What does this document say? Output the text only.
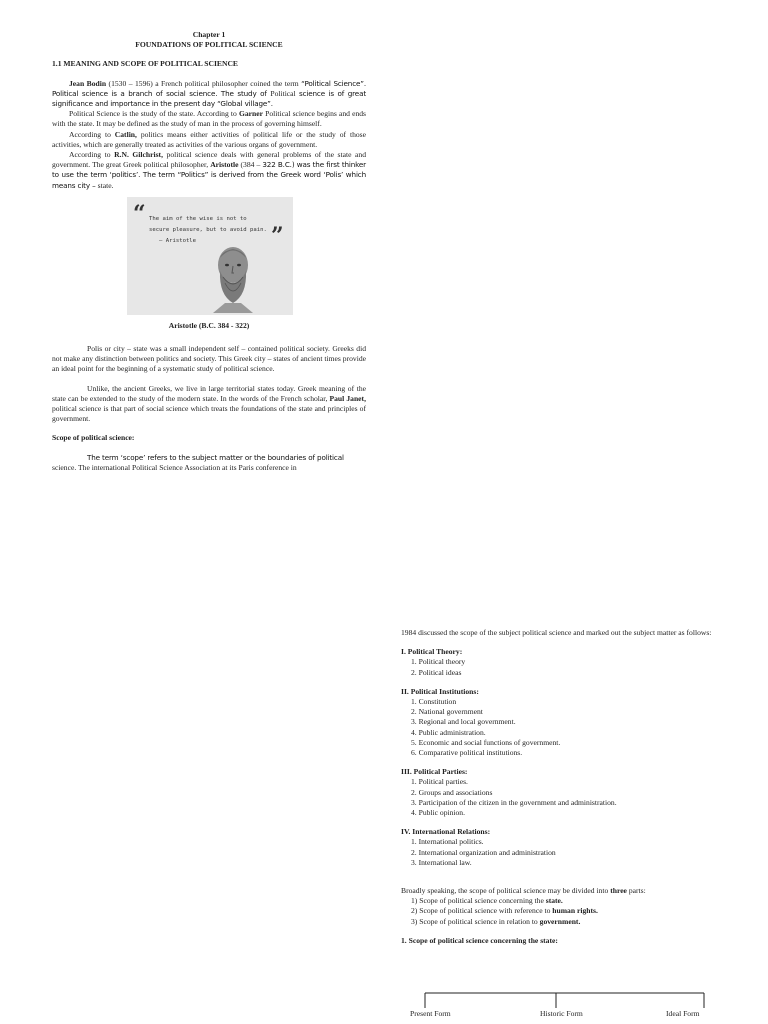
Chapter 1
FOUNDATIONS OF POLITICAL SCIENCE
1.1 MEANING AND SCOPE OF POLITICAL SCIENCE

Jean Bodin (1530 – 1596) a French political philosopher coined the term “Political Science”. Political science is a branch of social science. The study of Political science is of great significance and importance in the present day “Global village”.

Political Science is the study of the state. According to Garner Political science begins and ends with the state. It may be defined as the study of man in the process of governing himself.

According to Catlin, politics means either activities of political life or the study of those activities, which are generally treated as activities of the various organs of government.

According to R.N. Gilchrist, political science deals with general problems of the state and government. The great Greek political philosopher, Aristotle (384 – 322 B.C.) was the first thinker to use the term ‘politics’. The term “Politics” is derived from the Greek word ‘Polis’ which means city – state.

“ The aim of the wise is not to
secure pleasure, but to avoid pain.
– Aristotle	”
Aristotle (B.C. 384 - 322)

Polis or city – state was a small independent self – contained political society. Greeks did not make any distinction between politics and society. This Greek city – states of ancient times provide an ideal point for the beginning of a systematic study of political science.

Unlike, the ancient Greeks, we live in large territorial states today. Greek meaning of the state can be extended to the study of the modern state. In the words of the French scholar, Paul Janet, political science is that part of social science which treats the foundations of the state and principles of government.

Scope of political science:

The term ‘scope’ refers to the subject matter or the boundaries of political
science. The international Political Science Association at its Paris conference in

1984 discussed the scope of the subject political science and marked out the subject matter as follows:

I. Political Theory:
1. Political theory
2. Political ideas
II. Political Institutions:
1. Constitution
2. National government
3. Regional and local government.
4. Public administration.
5. Economic and social functions of government.
6. Comparative political institutions.
III. Political Parties:
1. Political parties.
2. Groups and associations
3. Participation of the citizen in the government and administration.
4. Public opinion.
IV. International Relations:
1. International politics.
2. International organization and administration
3. International law.
Broadly speaking, the scope of political science may be divided into three parts:
1) Scope of political science concerning the state.
2) Scope of political science with reference to human rights.
3) Scope of political science in relation to government.
1. Scope of political science concerning the state:
Present Form	Historic Form	Ideal Form
